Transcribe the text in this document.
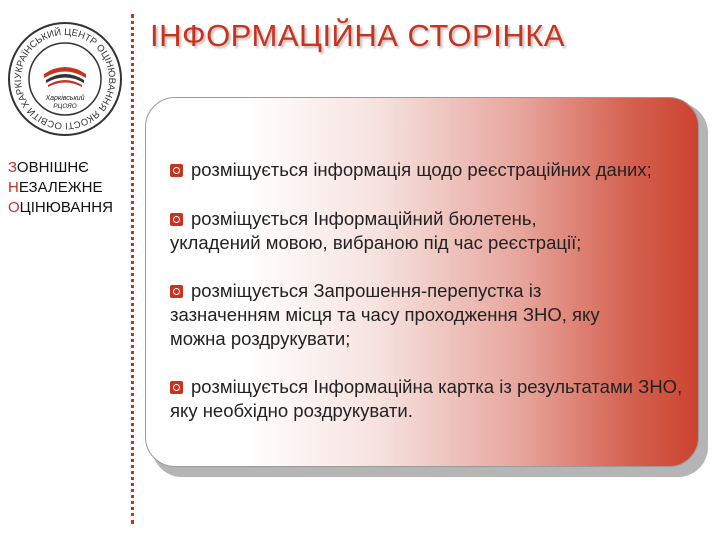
УКРАЇНСЬКИЙ ЦЕНТР ОЦІНЮВАННЯ ЯКОСТІ ОСВІТИ ХАРКІ
Харківський
РЦОЯО
ЗОВНІШНЄ
НЕЗАЛЕЖНЕ
ОЦІНЮВАННЯ
ІНФОРМАЦІЙНА СТОРІНКА

розміщується інформація щодо реєстраційних даних;

розміщується Інформаційний бюлетень, укладений мовою, вибраною під час реєстрації;

розміщується Запрошення-перепустка із зазначенням місця та часу проходження ЗНО, яку можна роздрукувати;

розміщується Інформаційна картка із результатами ЗНО, яку необхідно роздрукувати.
